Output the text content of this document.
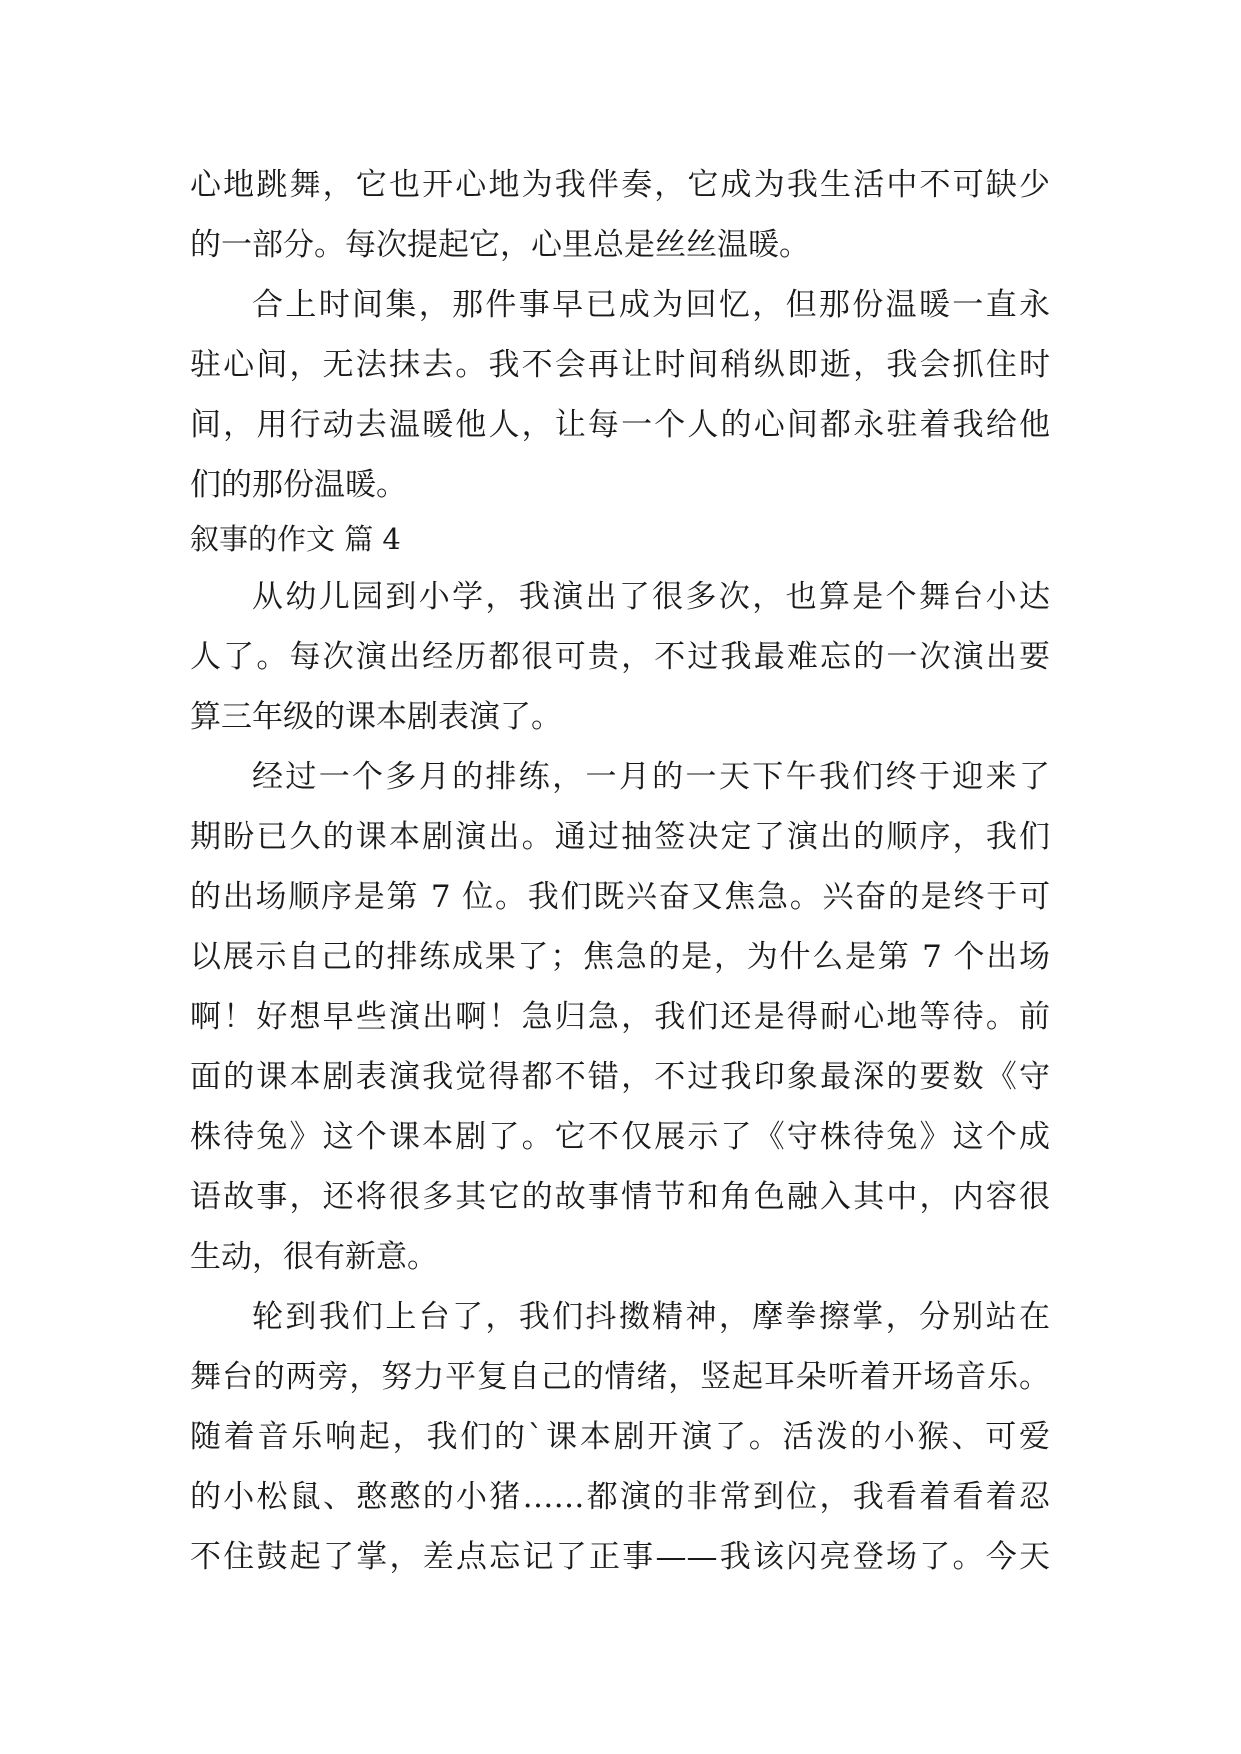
心地跳舞，它也开心地为我伴奏，它成为我生活中不可缺少
的一部分。每次提起它，心里总是丝丝温暖。
合上时间集，那件事早已成为回忆，但那份温暖一直永
驻心间，无法抹去。我不会再让时间稍纵即逝，我会抓住时
间，用行动去温暖他人，让每一个人的心间都永驻着我给他
们的那份温暖。
叙事的作文 篇 4
从幼儿园到小学，我演出了很多次，也算是个舞台小达
人了。每次演出经历都很可贵，不过我最难忘的一次演出要
算三年级的课本剧表演了。
经过一个多月的排练，一月的一天下午我们终于迎来了
期盼已久的课本剧演出。通过抽签决定了演出的顺序，我们
的出场顺序是第 7 位。我们既兴奋又焦急。兴奋的是终于可
以展示自己的排练成果了；焦急的是，为什么是第 7 个出场
啊！好想早些演出啊！急归急，我们还是得耐心地等待。前
面的课本剧表演我觉得都不错，不过我印象最深的要数《守
株待兔》这个课本剧了。它不仅展示了《守株待兔》这个成
语故事，还将很多其它的故事情节和角色融入其中，内容很
生动，很有新意。
轮到我们上台了，我们抖擞精神，摩拳擦掌，分别站在
舞台的两旁，努力平复自己的情绪，竖起耳朵听着开场音乐。
随着音乐响起，我们的`课本剧开演了。活泼的小猴、可爱
的小松鼠、憨憨的小猪……都演的非常到位，我看着看着忍
不住鼓起了掌，差点忘记了正事——我该闪亮登场了。今天
